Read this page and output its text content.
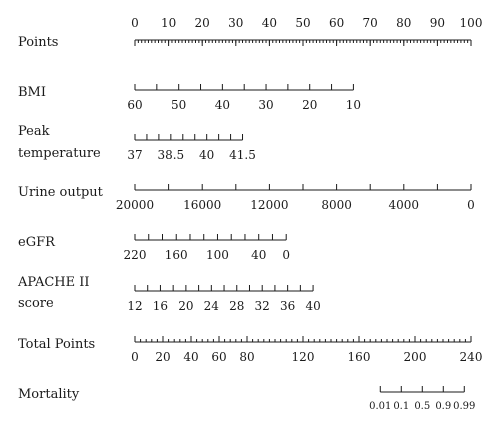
Points
0 10 20 30 40 50 60 70 80 90 100
BMI
60 50 40 30 20 10
Peak
temperature 37 38.5 40 41.5
Urine output
20000 16000 12000	8000	4000	0
eGFR
220 160 100 40 0
APACHE II
score	12 16 20 24 28 32 36 40
Total Points
0 20 40 60 80	120	160	200	240
Mortality
0.01 0.1 0.5 0.9 0.99
